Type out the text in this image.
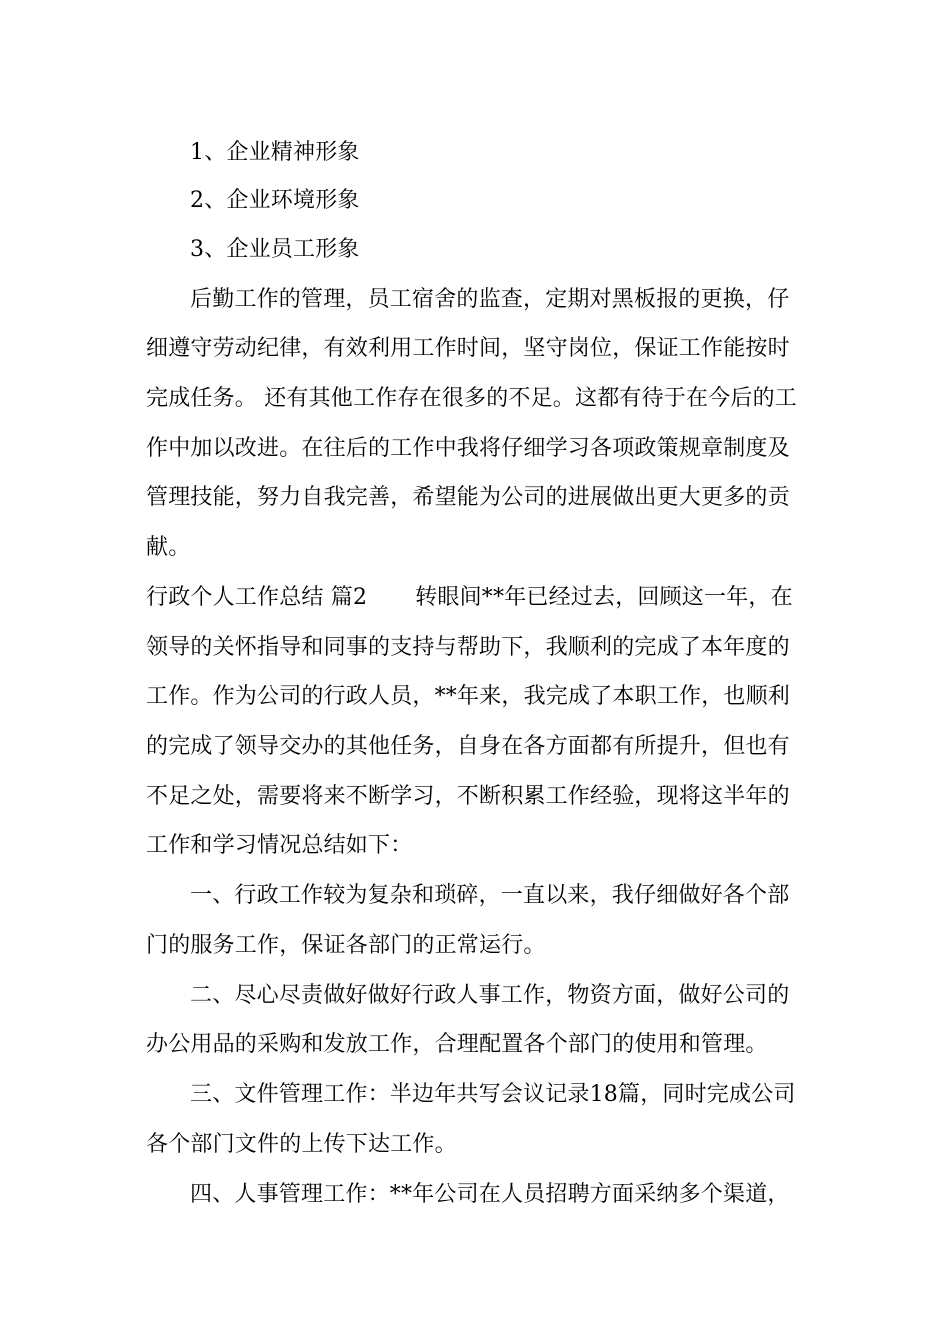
1、企业精神形象
2、企业环境形象
3、企业员工形象
后勤工作的管理，员工宿舍的监查，定期对黑板报的更换，仔
细遵守劳动纪律，有效利用工作时间，坚守岗位，保证工作能按时
完成任务。 还有其他工作存在很多的不足。这都有待于在今后的工
作中加以改进。在往后的工作中我将仔细学习各项政策规章制度及
管理技能，努力自我完善，希望能为公司的进展做出更大更多的贡
献。
行政个人工作总结 篇2 转眼间**年已经过去，回顾这一年，在
领导的关怀指导和同事的支持与帮助下，我顺利的完成了本年度的
工作。作为公司的行政人员，**年来，我完成了本职工作，也顺利
的完成了领导交办的其他任务，自身在各方面都有所提升，但也有
不足之处，需要将来不断学习，不断积累工作经验，现将这半年的
工作和学习情况总结如下：
一、行政工作较为复杂和琐碎，一直以来，我仔细做好各个部
门的服务工作，保证各部门的正常运行。
二、尽心尽责做好做好行政人事工作，物资方面，做好公司的
办公用品的采购和发放工作，合理配置各个部门的使用和管理。
三、文件管理工作：半边年共写会议记录18篇，同时完成公司
各个部门文件的上传下达工作。
四、人事管理工作：**年公司在人员招聘方面采纳多个渠道，
